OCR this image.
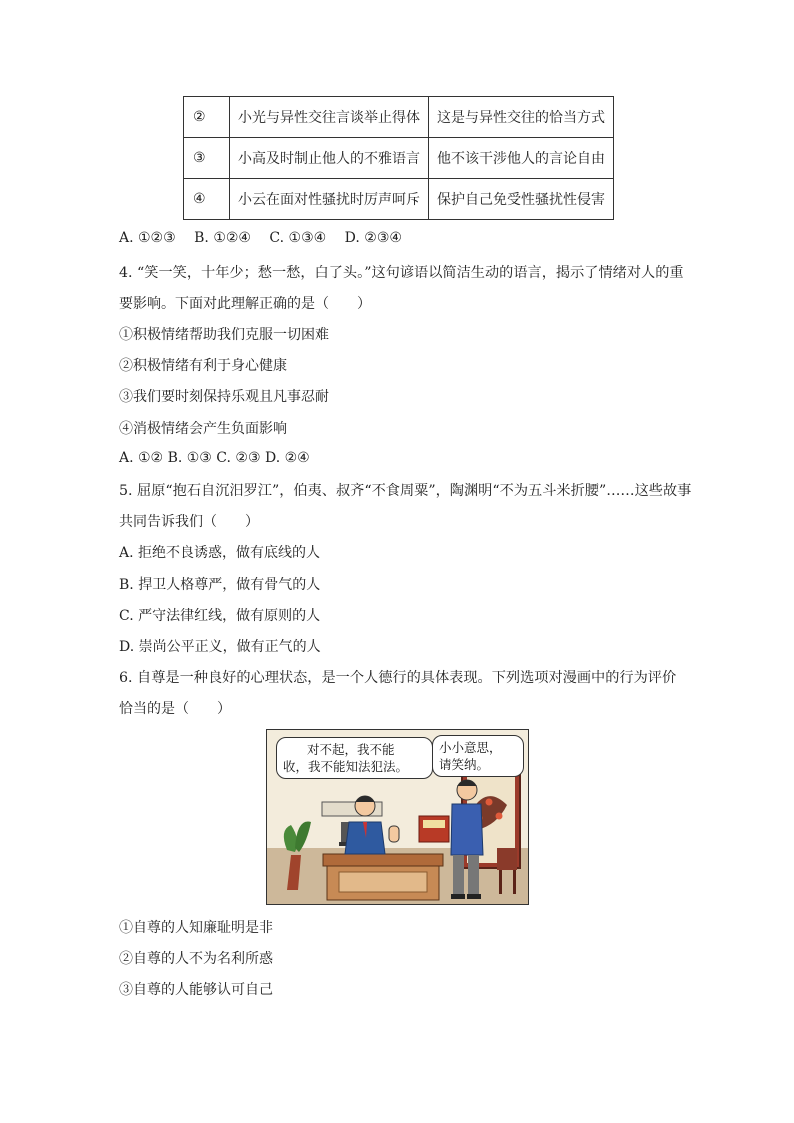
②	小光与异性交往言谈举止得体	这是与异性交往的恰当方式
③	小高及时制止他人的不雅语言	他不该干涉他人的言论自由
④	小云在面对性骚扰时厉声呵斥	保护自己免受性骚扰性侵害
A. ①②③ B. ①②④ C. ①③④ D. ②③④
4. “笑一笑，十年少；愁一愁，白了头。”这句谚语以简洁生动的语言，揭示了情绪对人的重
要影响。下面对此理解正确的是（　　）
①积极情绪帮助我们克服一切困难
②积极情绪有利于身心健康
③我们要时刻保持乐观且凡事忍耐
④消极情绪会产生负面影响
A. ①② B. ①③ C. ②③ D. ②④
5. 屈原“抱石自沉汨罗江”，伯夷、叔齐“不食周粟”，陶渊明“不为五斗米折腰”……这些故事
共同告诉我们（　　）
A. 拒绝不良诱惑，做有底线的人
B. 捍卫人格尊严，做有骨气的人
C. 严守法律红线，做有原则的人
D. 崇尚公平正义，做有正气的人
6. 自尊是一种良好的心理状态，是一个人德行的具体表现。下列选项对漫画中的行为评价
恰当的是（　　）
对不起，我不能
收，我不能知法犯法。
小小意思，
请笑纳。
①自尊的人知廉耻明是非
②自尊的人不为名利所惑
③自尊的人能够认可自己
